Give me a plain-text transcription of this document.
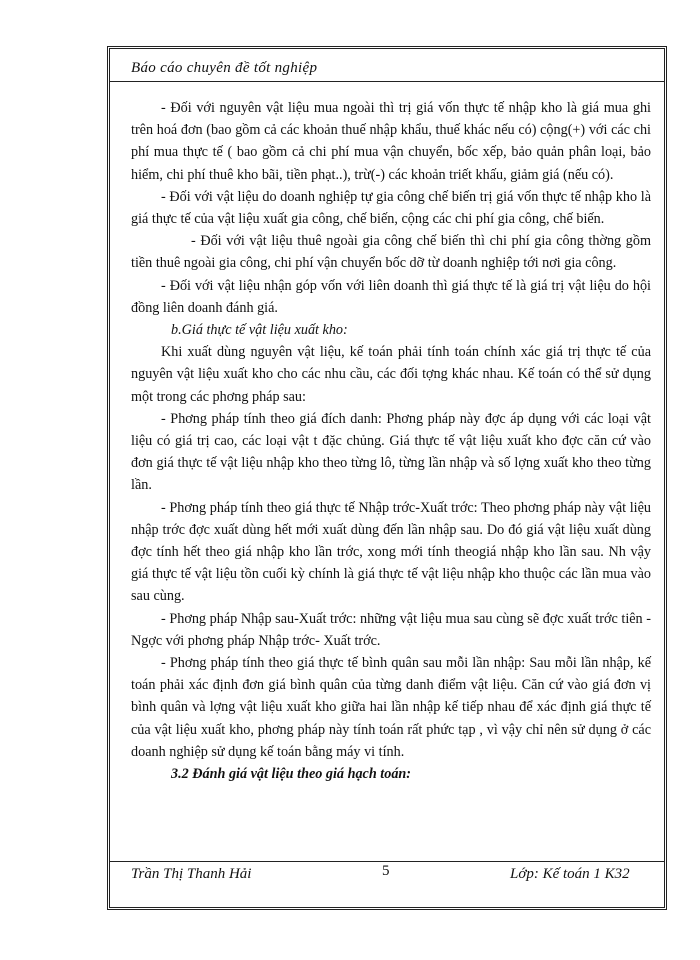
Báo cáo chuyên đề tốt nghiệp

- Đối với nguyên vật liệu mua ngoài thì trị giá vốn thực tế nhập kho là giá mua ghi trên hoá đơn (bao gồm cả các khoản thuế nhập khẩu, thuế khác nếu có) cộng(+) với các chi phí mua thực tế ( bao gồm cả chi phí mua vận chuyển, bốc xếp, bảo quản phân loại, bảo hiểm, chi phí thuê kho bãi, tiền phạt..), trừ(-) các khoản triết khấu, giảm giá (nếu có).

- Đối với vật liệu do doanh nghiệp tự gia công chế biến trị giá vốn thực tế nhập kho là giá thực tế của vật liệu xuất gia công, chế biến, cộng các chi phí gia công, chế biến.

- Đối với vật liệu thuê ngoài gia công chế biến thì chi phí gia công thờng gồm tiền thuê ngoài gia công, chi phí vận chuyển bốc dỡ từ doanh nghiệp tới nơi gia công.

- Đối với vật liệu nhận góp vốn với liên doanh thì giá thực tế là giá trị vật liệu do hội đồng liên doanh đánh giá.

b.Giá thực tế vật liệu xuất kho:

Khi xuất dùng nguyên vật liệu, kế toán phải tính toán chính xác giá trị thực tế của nguyên vật liệu xuất kho cho các nhu cầu, các đối tợng khác nhau. Kế toán có thể sử dụng một trong các phơng pháp sau:

- Phơng pháp tính theo giá đích danh: Phơng pháp này đợc áp dụng với các loại vật liệu có giá trị cao, các loại vật t đặc chủng. Giá thực tế vật liệu xuất kho đợc căn cứ vào đơn giá thực tế vật liệu nhập kho theo từng lô, từng lần nhập và số lợng xuất kho theo từng lần.

- Phơng pháp tính theo giá thực tế Nhập trớc-Xuất trớc: Theo phơng pháp này vật liệu nhập trớc đợc xuất dùng hết mới xuất dùng đến lần nhập sau. Do đó giá vật liệu xuất dùng đợc tính hết theo giá nhập kho lần trớc, xong mới tính theogiá nhập kho lần sau. Nh vậy giá thực tế vật liệu tồn cuối kỳ chính là giá thực tế vật liệu nhập kho thuộc các lần mua vào sau cùng.

- Phơng pháp Nhập sau-Xuất trớc: những vật liệu mua sau cùng sẽ đợc xuất trớc tiên - Ngợc với phơng pháp Nhập trớc- Xuất trớc.

- Phơng pháp tính theo giá thực tế bình quân sau mỗi lần nhập: Sau mỗi lần nhập, kế toán phải xác định đơn giá bình quân của từng danh điểm vật liệu. Căn cứ vào giá đơn vị bình quân và lợng vật liệu xuất kho giữa hai lần nhập kế tiếp nhau để xác định giá thực tế của vật liệu xuất kho, phơng pháp này tính toán rất phức tạp , vì vậy chỉ nên sử dụng ở các doanh nghiệp sử dụng kế toán bằng máy vi tính.

3.2 Đánh giá vật liệu theo giá hạch toán:

Trần Thị Thanh Hải	5	Lớp: Kế toán 1 K32
